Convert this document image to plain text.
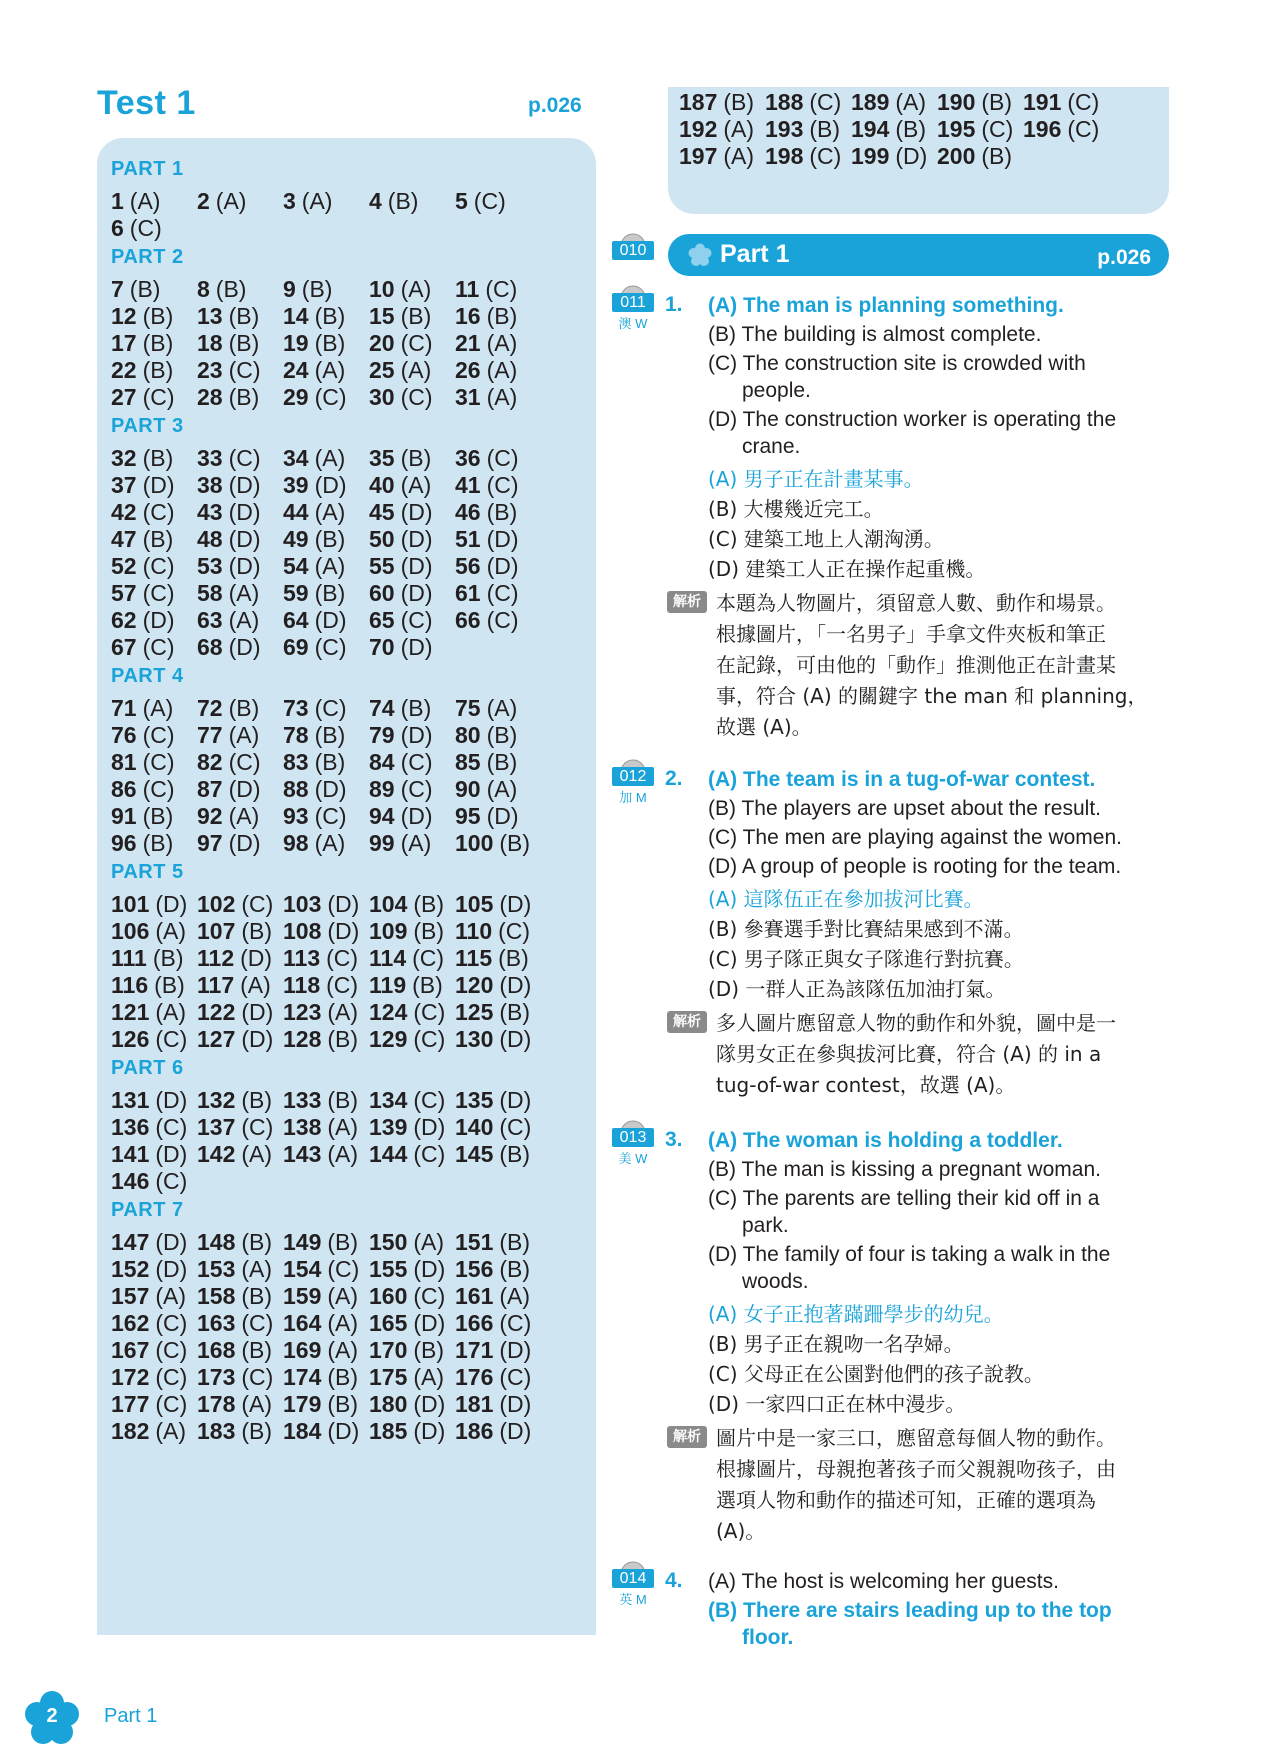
Test 1	p.026
PART 1
1 (A) 2 (A) 3 (A) 4 (B) 5 (C)
6 (C)
PART 2
7 (B) 8 (B) 9 (B) 10 (A) 11 (C)
12 (B) 13 (B) 14 (B) 15 (B) 16 (B)
17 (B) 18 (B) 19 (B) 20 (C) 21 (A)
22 (B) 23 (C) 24 (A) 25 (A) 26 (A)
27 (C) 28 (B) 29 (C) 30 (C) 31 (A)
PART 3
32 (B) 33 (C) 34 (A) 35 (B) 36 (C)
37 (D) 38 (D) 39 (D) 40 (A) 41 (C)
42 (C) 43 (D) 44 (A) 45 (D) 46 (B)
47 (B) 48 (D) 49 (B) 50 (D) 51 (D)
52 (C) 53 (D) 54 (A) 55 (D) 56 (D)
57 (C) 58 (A) 59 (B) 60 (D) 61 (C)
62 (D) 63 (A) 64 (D) 65 (C) 66 (C)
67 (C) 68 (D) 69 (C) 70 (D)
PART 4
71 (A) 72 (B) 73 (C) 74 (B) 75 (A)
76 (C) 77 (A) 78 (B) 79 (D) 80 (B)
81 (C) 82 (C) 83 (B) 84 (C) 85 (B)
86 (C) 87 (D) 88 (D) 89 (C) 90 (A)
91 (B) 92 (A) 93 (C) 94 (D) 95 (D)
96 (B) 97 (D) 98 (A) 99 (A) 100 (B)
PART 5
101 (D) 102 (C) 103 (D) 104 (B) 105 (D)
106 (A) 107 (B) 108 (D) 109 (B) 110 (C)
111 (B) 112 (D) 113 (C) 114 (C) 115 (B)
116 (B) 117 (A) 118 (C) 119 (B) 120 (D)
121 (A) 122 (D) 123 (A) 124 (C) 125 (B)
126 (C) 127 (D) 128 (B) 129 (C) 130 (D)
PART 6
131 (D) 132 (B) 133 (B) 134 (C) 135 (D)
136 (C) 137 (C) 138 (A) 139 (D) 140 (C)
141 (D) 142 (A) 143 (A) 144 (C) 145 (B)
146 (C)
PART 7
147 (D) 148 (B) 149 (B) 150 (A) 151 (B)
152 (D) 153 (A) 154 (C) 155 (D) 156 (B)
157 (A) 158 (B) 159 (A) 160 (C) 161 (A)
162 (C) 163 (C) 164 (A) 165 (D) 166 (C)
167 (C) 168 (B) 169 (A) 170 (B) 171 (D)
172 (C) 173 (C) 174 (B) 175 (A) 176 (C)
177 (C) 178 (A) 179 (B) 180 (D) 181 (D)
182 (A) 183 (B) 184 (D) 185 (D) 186 (D)
187 (B) 188 (C) 189 (A) 190 (B) 191 (C)
192 (A) 193 (B) 194 (B) 195 (C) 196 (C)
197 (A) 198 (C) 199 (D) 200 (B)
010	Part 1	p.026
011
澳 W
1. (A) The man is planning something.
(B) The building is almost complete.
(C) The construction site is crowded with
people.
(D) The construction worker is operating the
crane.
(A) 男子正在計畫某事。
(B) 大樓幾近完工。
(C) 建築工地上人潮洶湧。
(D) 建築工人正在操作起重機。
解析 本題為人物圖片，須留意人數、動作和場景。
根據圖片，「一名男子」手拿文件夾板和筆正
在記錄，可由他的「動作」推測他正在計畫某
事，符合 (A) 的關鍵字 the man 和 planning，
故選 (A)。
012
加 M
2. (A) The team is in a tug-of-war contest.
(B) The players are upset about the result.
(C) The men are playing against the women.
(D) A group of people is rooting for the team.
(A) 這隊伍正在參加拔河比賽。
(B) 參賽選手對比賽結果感到不滿。
(C) 男子隊正與女子隊進行對抗賽。
(D) 一群人正為該隊伍加油打氣。
解析 多人圖片應留意人物的動作和外貌，圖中是一
隊男女正在參與拔河比賽，符合 (A) 的 in a
tug-of-war contest，故選 (A)。
013
美 W
3. (A) The woman is holding a toddler.
(B) The man is kissing a pregnant woman.
(C) The parents are telling their kid off in a
park.
(D) The family of four is taking a walk in the
woods.
(A) 女子正抱著蹣跚學步的幼兒。
(B) 男子正在親吻一名孕婦。
(C) 父母正在公園對他們的孩子說教。
(D) 一家四口正在林中漫步。
解析 圖片中是一家三口，應留意每個人物的動作。
根據圖片，母親抱著孩子而父親親吻孩子，由
選項人物和動作的描述可知，正確的選項為
(A)。
014
英 M
4. (A) The host is welcoming her guests.
(B) There are stairs leading up to the top
floor.
2	Part 1
